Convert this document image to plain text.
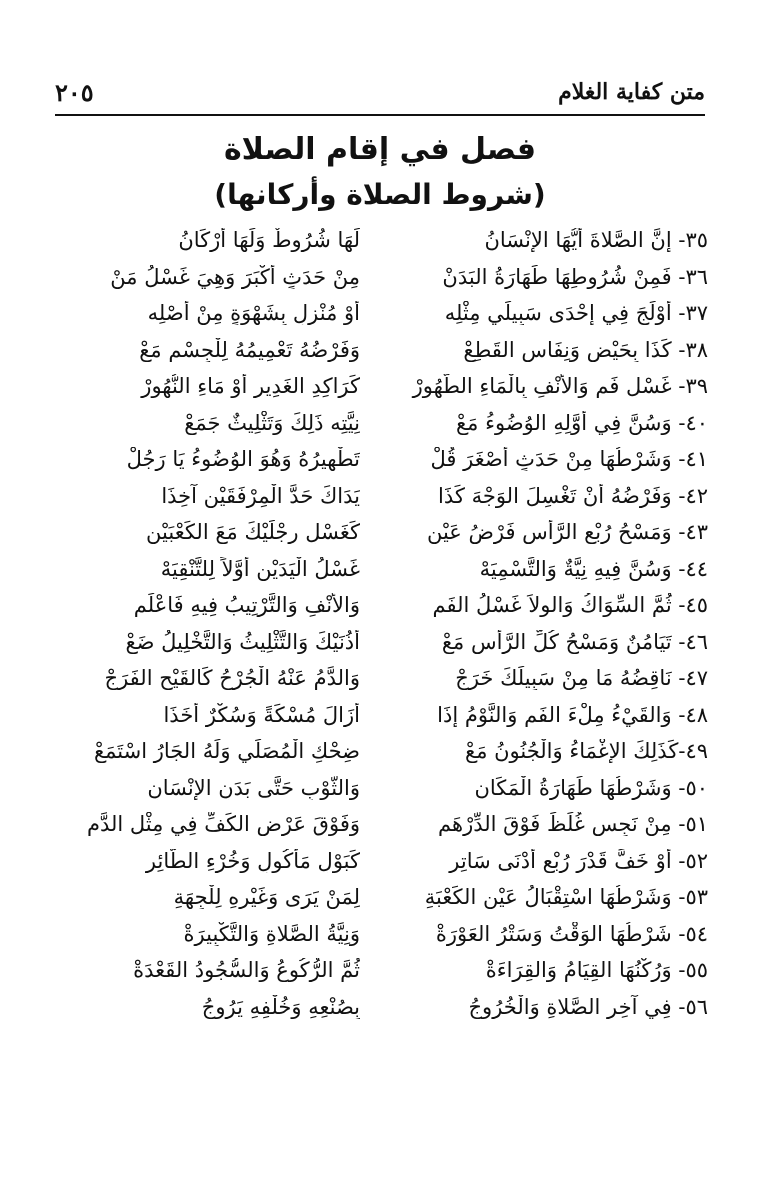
متن كفاية الغلام
٢٠٥
فصل في إقام الصلاة
(شروط الصلاة وأركانها)
٣٥- إنَّ الصَّلاةَ أَيُّهَا الإِنْسَانُ
لَهَا شُرُوطٌ وَلَهَا أَرْكَانُ
٣٦- فَمِنْ شُرُوطِهَا طَهَارَةُ البَدَنْ
مِنْ حَدَثٍ أَكْبَرَ وَهِيَ غَسْلُ مَنْ
٣٧- أَوْلَجَ فِي إِحْدَى سَبِيلَي مِثْلِه
أَوْ مُنْزِلٍ بِشَهْوَةٍ مِنْ أَصْلِه
٣٨- كَذَا بِحَيْضٍ وَنِفَاسِ القَطِعْ
وَفَرْضُهُ تَعْمِيمُهُ لِلْجِسْمِ مَعْ
٣٩- غَسْلِ فَمٍ وَالأَنْفِ بِالْمَاءِ الطَّهُورْ
كَرَاكِدِ الغَدِيرِ أَوْ مَاءِ النُّهُورْ
٤٠- وَسُنَّ فِي أَوَّلِهِ الوُضُوءُ مَعْ
نِيَّتِه ذَلِكَ وَتَثْلِيثٌ جَمَعْ
٤١- وَشَرْطُهَا مِنْ حَدَثٍ أَصْغَرَ قُلْ
تَطْهِيرُهُ وَهُوَ الوُضُوءُ يَا رَجُلْ
٤٢- وَفَرْضُهُ أَنْ تَغْسِلَ الوَجْهَ كَذَا
يَدَاكَ حَدَّ الْمِرْفَقَيْنِ آخِذَا
٤٣- وَمَسْحُ رُبْعِ الرَّأْسِ فَرْضُ عَيْنِ
كَغَسْلِ رِجْلَيْكَ مَعَ الكَعْبَيْنِ
٤٤- وَسُنَّ فِيهِ نِيَّةٌ وَالتَّسْمِيَهْ
غَسْلُ الْيَدَيْنِ أَوَّلاً لِلتَّنْقِيَهْ
٤٥- ثُمَّ السِّوَاكُ وَالوِلاَ غَسْلُ الفَمِ
وَالأَنْفِ وَالتَّرْتِيبُ فِيهِ فَاعْلَمِ
٤٦- تَيَامُنٌ وَمَسْحُ كُلِّ الرَّأْسِ مَعْ
أُذُنَيْكَ وَالتَّثْلِيثُ وَالتَّخْلِيلُ ضَعْ
٤٧- نَاقِضُهُ مَا مِنْ سَبِيلَكَ خَرَجْ
وَالدَّمُ عَنْهُ الْجُرْحُ كَالقَيْحِ الفَرَجْ
٤٨- وَالقَيْءُ مِلْءَ الفَمِ وَالنَّوْمُ إِذَا
أَزَالَ مُسْكَةً وَسُكْرٌ أَخَذَا
٤٩-كَذَلِكَ الإِغْمَاءُ وَالْجُنُونُ مَعْ
ضِحْكِ الْمُصَلِّي وَلَهُ الجَارُ اسْتَمَعْ
٥٠- وَشَرْطُهَا طَهَارَةُ الْمَكَانِ
وَالثَّوْبِ حَتَّى بَدَنِ الإِنْسَانِ
٥١- مِنْ نَجِسٍ غُلِّظَ فَوْقَ الدِّرْهَمِ
وَفَوْقَ عَرْضِ الكَفِّ فِي مِثْلِ الدَّمِ
٥٢- أَوْ خَفَّ قَدْرَ رُبْعِ أَدْنَى سَاتِرِ
كَبَوْلِ مَأْكُولٍ وَخُرْءِ الطَّائِرِ
٥٣- وَشَرْطُهَا اسْتِقْبَالُ عَيْنِ الكَعْبَةِ
لِمَنْ يَرَى وَغَيْرِهِ لِلْجِهَةِ
٥٤- شَرْطُهَا الوَقْتُ وَسَتْرُ العَوْرَةْ
وَنِيَّةُ الصَّلاةِ وَالتَّكْبِيرَةْ
٥٥- وَرُكْنُهَا القِيَامُ وَالقِرَاءَةْ
ثُمَّ الرُّكُوعُ وَالسُّجُودُ القَعْدَةْ
٥٦- فِي آخِرِ الصَّلاةِ وَالْخُرُوجُ
بِصُنْعِهِ وَخُلْفِهِ يَرُوجُ
